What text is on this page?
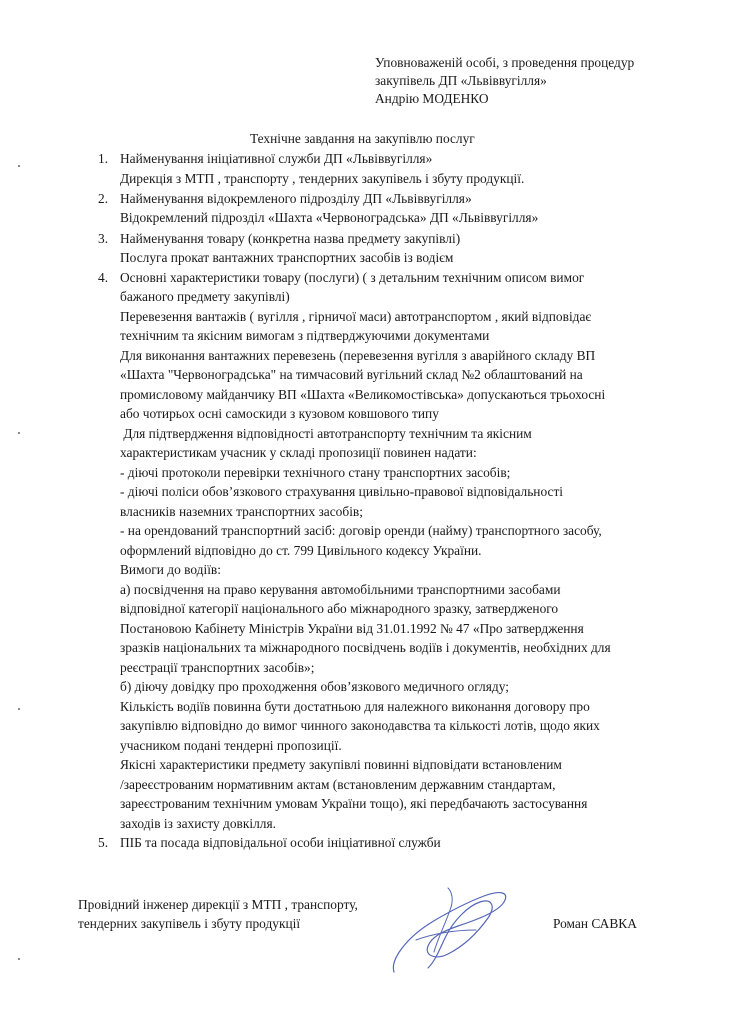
Уповноваженій особі, з проведення процедур
закупівель ДП «Львіввугілля»
Андрію МОДЕНКО
Технічне завдання на закупівлю послуг
1. Найменування ініціативної служби ДП «Львіввугілля»
Дирекція з МТП , транспорту , тендерних закупівель і збуту продукції.
2. Найменування відокремленого підрозділу ДП «Львіввугілля»
Відокремлений підрозділ «Шахта «Червоноградська» ДП «Львіввугілля»
3. Найменування товару (конкретна назва предмету закупівлі)
Послуга прокат вантажних транспортних засобів із водієм
4. Основні характеристики товару (послуги) ( з детальним технічним описом вимог
бажаного предмету закупівлі)
Перевезення вантажів ( вугілля , гірничої маси) автотранспортом , який відповідає
технічним та якісним вимогам з підтверджуючими документами
Для виконання вантажних перевезень (перевезення вугілля з аварійного складу ВП
«Шахта "Червоноградська" на тимчасовий вугільний склад №2 облаштований на
промисловому майданчику ВП «Шахта «Великомостівська» допускаються трьохосні
або чотирьох осні самоскиди з кузовом ковшового типу
Для підтвердження відповідності автотранспорту технічним та якісним
характеристикам учасник у складі пропозиції повинен надати:
- діючі протоколи перевірки технічного стану транспортних засобів;
- діючі поліси обов’язкового страхування цивільно-правової відповідальності
власників наземних транспортних засобів;
- на орендований транспортний засіб: договір оренди (найму) транспортного засобу,
оформлений відповідно до ст. 799 Цивільного кодексу України.
Вимоги до водіїв:
а) посвідчення на право керування автомобільними транспортними засобами
відповідної категорії національного або міжнародного зразку, затвердженого
Постановою Кабінету Міністрів України від 31.01.1992 № 47 «Про затвердження
зразків національних та міжнародного посвідчень водіїв і документів, необхідних для
реєстрації транспортних засобів»;
б) діючу довідку про проходження обов’язкового медичного огляду;
Кількість водіїв повинна бути достатньою для належного виконання договору про
закупівлю відповідно до вимог чинного законодавства та кількості лотів, щодо яких
учасником подані тендерні пропозиції.
Якісні характеристики предмету закупівлі повинні відповідати встановленим
/зареєстрованим нормативним актам (встановленим державним стандартам,
зареєстрованим технічним умовам України тощо), які передбачають застосування
заходів із захисту довкілля.
5. ПІБ та посада відповідальної особи ініціативної служби
Провідний інженер дирекції з МТП , транспорту,
тендерних закупівель і збуту продукції	Роман САВКА
